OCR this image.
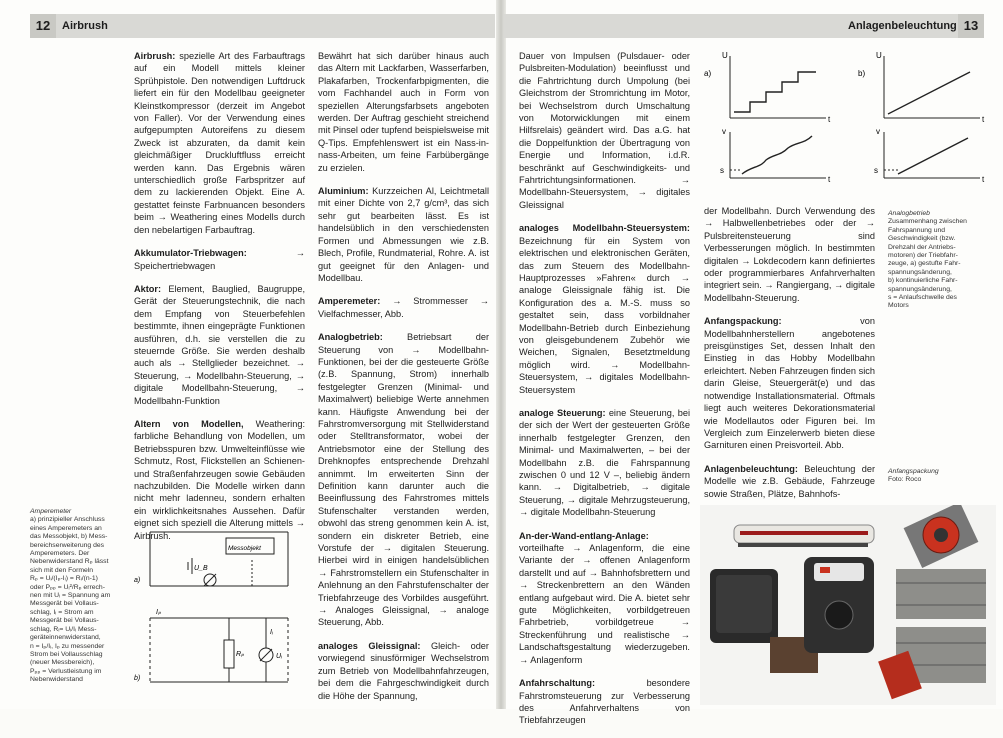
12	Airbrush

Airbrush: spezielle Art des Farbauftrags auf ein Modell mittels kleiner Sprühpistole. Den notwendigen Luftdruck liefert ein für den Modellbau geeigneter Kleinstkompressor (derzeit im Angebot von Faller). Vor der Verwendung eines aufgepumpten Autoreifens zu diesem Zweck ist abzuraten, da damit kein gleichmäßiger Druckluftfluss erreicht werden kann. Das Ergebnis wären unterschiedlich große Farbspritzer auf dem zu lackierenden Objekt. Eine A. gestattet feinste Farbnuancen besonders beim → Weathering eines Modells durch den nebelartigen Farbauftrag.

Akkumulator-Triebwagen: → Speichertriebwagen

Aktor: Element, Bauglied, Baugruppe, Gerät der Steuerungstechnik, die nach dem Empfang von Steuerbefehlen bestimmte, ihnen eingeprägte Funktionen ausführen, d.h. sie verstellen die zu steuernde Größe. Sie werden deshalb auch als → Stellglieder bezeichnet. → Steuerung, → Modellbahn-Steuerung, → digitale Modellbahn-Steuerung, → Modellbahn-Funktion

Altern von Modellen, Weathering: farbliche Behandlung von Modellen, um Betriebsspuren bzw. Umwelteinflüsse wie Schmutz, Rost, Flickstellen an Schienen- und Straßenfahrzeugen sowie Gebäuden nachzubilden. Die Modelle wirken dann nicht mehr ladenneu, sondern erhalten ein wirklichkeitsnahes Aussehen. Dafür eignet sich speziell die Alterung mittels → Airbrush.

Bewährt hat sich darüber hinaus auch das Altern mit Lackfarben, Wasserfarben, Plakafarben, Trockenfarbpigmenten, die vom Fachhandel auch in Form von speziellen Alterungsfarbsets angeboten werden. Der Auftrag geschieht streichend mit Pinsel oder tupfend beispielsweise mit Q-Tips. Empfehlenswert ist ein Nass-in-nass-Arbeiten, um feine Farbübergänge zu erzielen.

Aluminium: Kurzzeichen Al, Leichtmetall mit einer Dichte von 2,7 g/cm³, das sich sehr gut bearbeiten lässt. Es ist handelsüblich in den verschiedensten Formen und Abmessungen wie z.B. Blech, Profile, Rundmaterial, Rohre. A. ist gut geeignet für den Anlagen- und Modellbau.

Amperemeter: → Strommesser → Vielfachmesser, Abb.

Analogbetrieb: Betriebsart der Steuerung von → Modellbahn-Funktionen, bei der die gesteuerte Größe (z.B. Spannung, Strom) innerhalb festgelegter Grenzen (Minimal- und Maximalwert) beliebige Werte annehmen kann. Häufigste Anwendung bei der Fahrstromversorgung mit Stellwiderstand oder Stelltransformator, wobei der Antriebsmotor eine der Stellung des Drehknopfes entsprechende Drehzahl annimmt. Im erweiterten Sinn der Definition kann darunter auch die Beeinflussung des Fahrstromes mittels Stufenschalter verstanden werden, obwohl das streng genommen kein A. ist, sondern ein diskreter Betrieb, eine Vorstufe der → digitalen Steuerung. Hierbei wird in einigen handelsüblichen → Fahrstromstellern ein Stufenschalter in Anlehnung an den Fahrstufenschalter der Triebfahrzeuge des Vorbildes ausgeführt. → Analoges Gleissignal, → analoge Steuerung, Abb.

analoges Gleissignal: Gleich- oder vorwiegend sinusförmiger Wechselstrom zum Betrieb von Modellbahnfahrzeugen, bei dem die Fahrgeschwindigkeit durch die Höhe der Spannung,

Amperemeter
a) prinzipieller Anschluss
eines Amperemeters an
das Messobjekt, b) Mess-
bereichserweiterung des
Amperemeters. Der
Nebenwiderstand Rₚ lässt
sich mit den Formeln
Rₚ = Uᵢ/(Iₚ-Iᵢ) = Rᵢ/(n-1)
oder Pₚₚ = Uᵢ²/Rₚ errech-
nen mit Uᵢ = Spannung am
Messgerät bei Vollaus-
schlag, Iᵢ = Strom am
Messgerät bei Vollaus-
schlag, Rᵢ= Uᵢ/Iᵢ Mess-
geräteinnenwiderstand,
n = Iₚ/Iᵢ, Iₚ zu messender
Strom bei Vollausschlag
(neuer Messbereich),
Pₚₚ = Verlustleistung im
Nebenwiderstand
Messobjekt
U_B
a)
b)
Rₚ	Uᵢ
Iᵢ
Iₚ
Anlagenbeleuchtung 13

Dauer von Impulsen (Pulsdauer- oder Pulsbreiten-Modulation) beeinflusst und die Fahrtrichtung durch Umpolung (bei Gleichstrom der Stromrichtung im Motor, bei Wechselstrom durch Umschaltung von Motorwicklungen mit einem Hilfsrelais) geändert wird. Das a.G. hat die Doppelfunktion der Übertragung von Energie und Information, i.d.R. beschränkt auf Geschwindigkeits- und Fahrtrichtungsinformationen. → Modellbahn-Steuersystem, → digitales Gleissignal

analoges Modellbahn-Steuersystem: Bezeichnung für ein System von elektrischen und elektronischen Geräten, das zum Steuern des Modellbahn-Hauptprozesses »Fahren« durch → analoge Gleissignale fähig ist. Die Konfiguration des a. M.-S. muss so gestaltet sein, dass vorbildnaher Modellbahn-Betrieb durch Einbeziehung von gleisgebundenem Zubehör wie Weichen, Signalen, Besetztmeldung möglich wird. → Modellbahn-Steuersystem, → digitales Modellbahn-Steuersystem

analoge Steuerung: eine Steuerung, bei der sich der Wert der gesteuerten Größe innerhalb festgelegter Grenzen, den Minimal- und Maximalwerten, – bei der Modellbahn z.B. die Fahrspannung zwischen 0 und 12 V –, beliebig ändern kann. → Digitalbetrieb, → digitale Steuerung, → digitale Mehrzugsteuerung, → digitale Modellbahn-Steuerung

An-der-Wand-entlang-Anlage: vorteilhafte → Anlagenform, die eine Variante der → offenen Anlagenform darstellt und auf → Bahnhofsbrettern und → Streckenbrettern an den Wänden entlang aufgebaut wird. Die A. bietet sehr gute Möglichkeiten, vorbildgetreuen Fahrbetrieb, vorbildgetreue → Streckenführung und realistische → Landschaftsgestaltung wiederzugeben. → Anlagenform

Anfahrschaltung: besondere Fahrstromsteuerung zur Verbesserung des Anfahrverhaltens von Triebfahrzeugen

der Modellbahn. Durch Verwendung des → Halbwellenbetriebes oder der → Pulsbreitensteuerung sind Verbesserungen möglich. In bestimmten digitalen → Lokdecodern kann definiertes oder programmierbares Anfahrverhalten integriert sein. → Rangiergang, → digitale Modellbahn-Steuerung.

Anfangspackung: von Modellbahnherstellern angebotenes preisgünstiges Set, dessen Inhalt den Einstieg in das Hobby Modellbahn erleichtert. Neben Fahrzeugen finden sich darin Gleise, Steuergerät(e) und das notwendige Installationsmaterial. Oftmals liegt auch weiteres Dekorationsmaterial wie Modellautos oder Figuren bei. Im Vergleich zum Einzelerwerb bieten diese Garnituren einen Preisvorteil. Abb.

Anlagenbeleuchtung: Beleuchtung der Modelle wie z.B. Gebäude, Fahrzeuge sowie Straßen, Plätze, Bahnhofs-

Analogbetrieb
Zusammenhang zwischen
Fahrspannung und
Geschwindigkeit (bzw.
Drehzahl der Antriebs-
motoren) der Triebfahr-
zeuge, a) gestufte Fahr-
spannungsänderung,
b) kontinuierliche Fahr-
spannungsänderung,
s = Anlaufschwelle des
Motors
Anfangspackung
Foto: Roco
a)	b)
U	U
t	t
v	v
t	t
s	s
